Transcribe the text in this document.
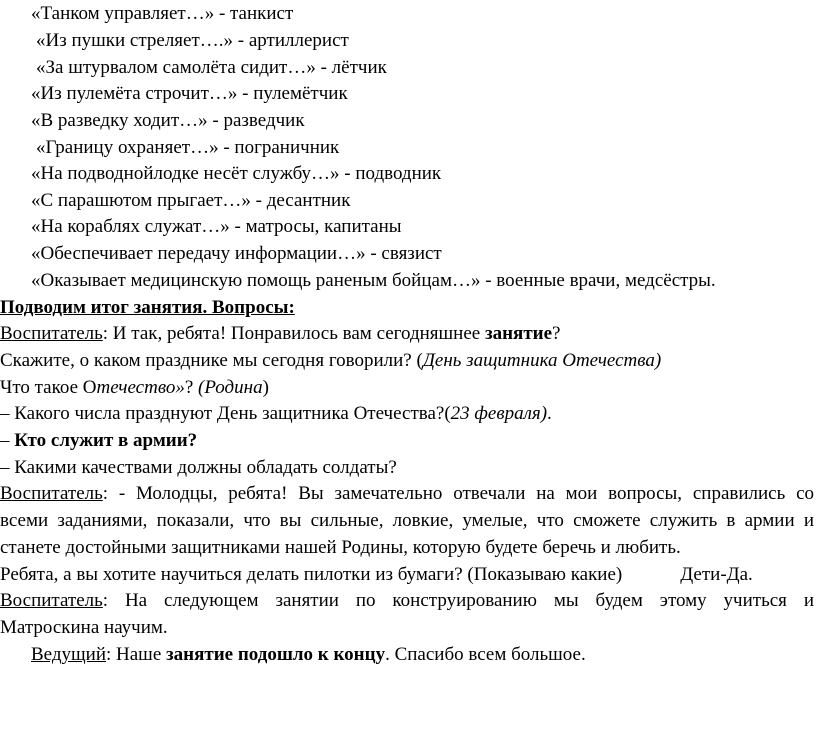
«Танком управляет…» - танкист
«Из пушки стреляет….» - артиллерист
«За штурвалом самолёта сидит…» - лётчик
«Из пулемёта строчит…» - пулемётчик
«В разведку ходит…» - разведчик
«Границу охраняет…» - пограничник
«На подводнойлодке несёт службу…» - подводник
«С парашютом прыгает…» - десантник
«На кораблях служат…» - матросы, капитаны
«Обеспечивает передачу информации…» - связист
«Оказывает медицинскую помощь раненым бойцам…» - военные врачи, медсёстры.
Подводим итог занятия. Вопросы:
Воспитатель: И так, ребята! Понравилось вам сегодняшнее занятие?
Скажите, о каком празднике мы сегодня говорили? (День защитника Отечества)
Что такое Отечество»? (Родина)
– Какого числа празднуют День защитника Отечества?(23 февраля).
– Кто служит в армии?
– Какими качествами должны обладать солдаты?
Воспитатель: - Молодцы, ребята! Вы замечательно отвечали на мои вопросы, справились со
всеми заданиями, показали, что вы сильные, ловкие, умелые, что сможете служить в армии и
станете достойными защитниками нашей Родины, которую будете беречь и любить.
Ребята, а вы хотите научиться делать пилотки из бумаги? (Показываю какие)	Дети-Да.
Воспитатель: На следующем занятии по конструированию мы будем этому учиться и
Матроскина научим.
Ведущий: Наше занятие подошло к концу. Спасибо всем большое.
